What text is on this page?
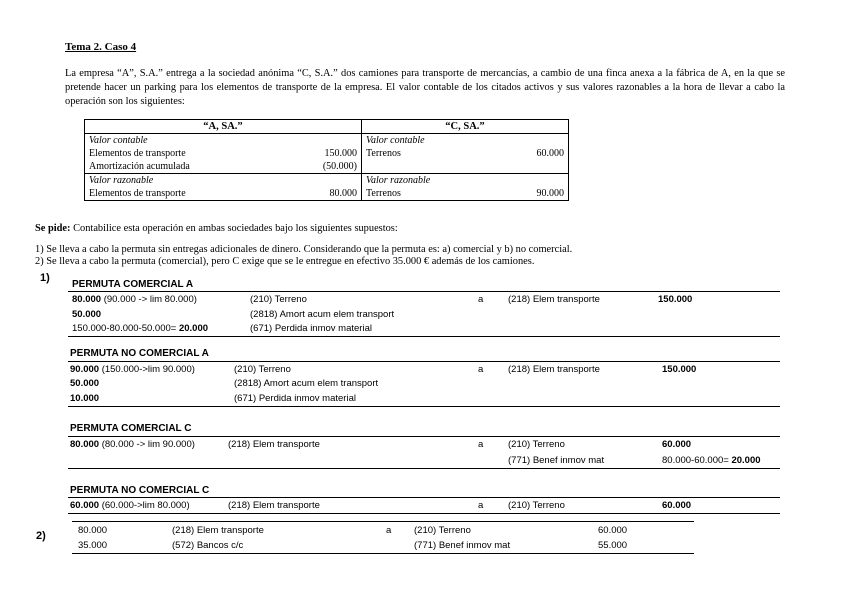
Tema 2. Caso 4
La empresa “A”, S.A.” entrega a la sociedad anónima “C, S.A.” dos camiones para transporte de mercancías, a cambio de una finca anexa a la fábrica de A, en la que se pretende hacer un parking para los elementos de transporte de la empresa. El valor contable de los citados activos y sus valores razonables a la hora de llevar a cabo la operación son los siguientes:
“A, SA.”		“C, SA.”	
Valor contable		Valor contable	
Elementos de transporte	150.000	Terrenos	60.000
Amortización acumulada	(50.000)		
Valor razonable		Valor razonable	
Elementos de transporte	80.000	Terrenos	90.000
Se pide: Contabilice esta operación en ambas sociedades bajo los siguientes supuestos:
1) Se lleva a cabo la permuta sin entregas adicionales de dinero. Considerando que la permuta es: a) comercial y b) no comercial.
2) Se lleva a cabo la permuta (comercial), pero C exige que se le entregue en efectivo 35.000 € además de los camiones.
1)
PERMUTA COMERCIAL A
80.000 (90.000 -> lim 80.000)	(210) Terreno	a	(218) Elem transporte	150.000
50.000	(2818) Amort acum elem transport
150.000-80.000-50.000= 20.000	(671) Perdida inmov material
PERMUTA NO COMERCIAL A
90.000 (150.000->lim 90.000)	(210) Terreno	a	(218) Elem transporte	150.000
50.000	(2818) Amort acum elem transport
10.000	(671) Perdida inmov material
PERMUTA COMERCIAL C
80.000 (80.000 -> lim 90.000)	(218) Elem transporte	a	(210) Terreno	60.000
(771) Benef inmov mat	80.000-60.000= 20.000
PERMUTA NO COMERCIAL C
60.000 (60.000->lim 80.000)	(218) Elem transporte	a	(210) Terreno	60.000
2)	80.000	(218) Elem transporte	a (210) Terreno	60.000
35.000	(572) Bancos c/c	(771) Benef inmov mat	55.000
